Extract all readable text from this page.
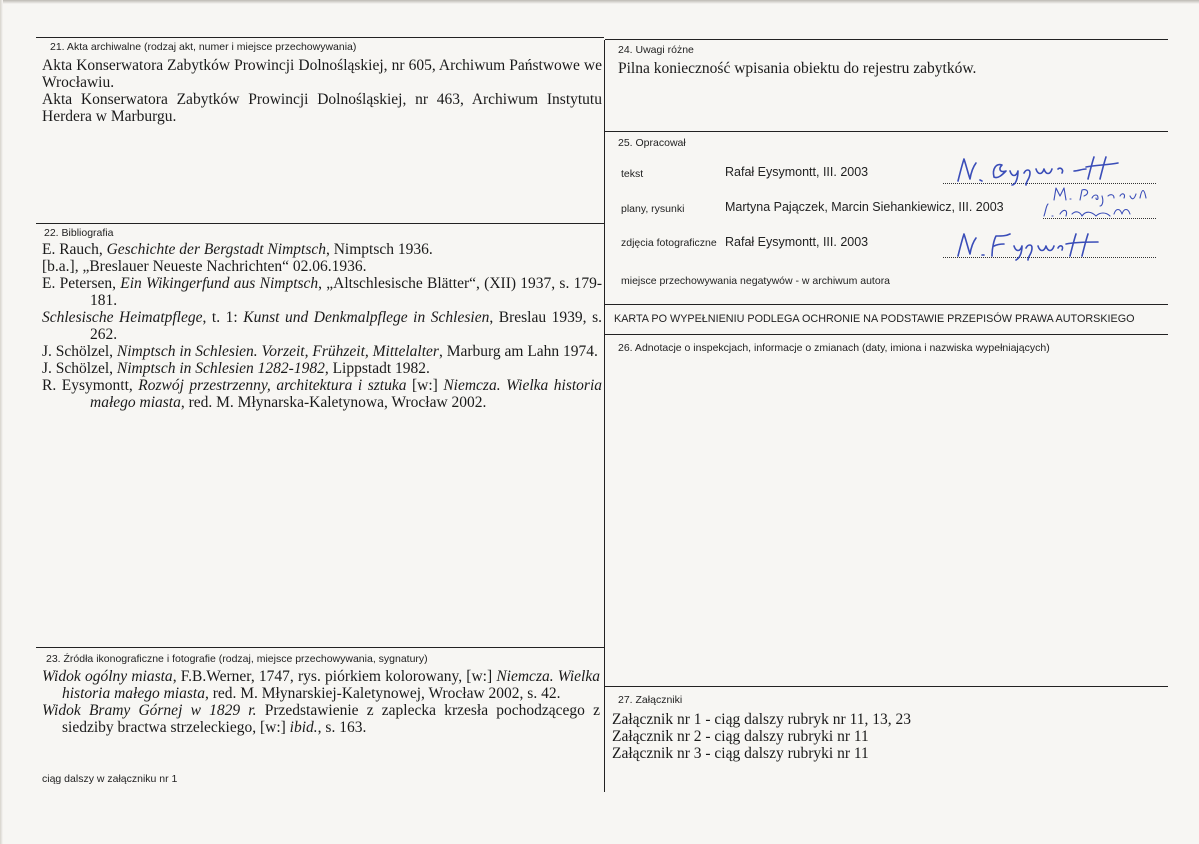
21. Akta archiwalne (rodzaj akt, numer i miejsce przechowywania)

Akta Konserwatora Zabytków Prowincji Dolnośląskiej, nr 605, Archiwum Państwowe we Wrocławiu.

Akta Konserwatora Zabytków Prowincji Dolnośląskiej, nr 463, Archiwum Instytutu Herdera w Marburgu.

22. Bibliografia

E. Rauch, Geschichte der Bergstadt Nimptsch, Nimptsch 1936.

[b.a.], „Breslauer Neueste Nachrichten“ 02.06.1936.

E. Petersen, Ein Wikingerfund aus Nimptsch, „Altschlesische Blätter“, (XII) 1937, s. 179-181.

Schlesische Heimatpflege, t. 1: Kunst und Denkmalpflege in Schlesien, Breslau 1939, s. 262.

J. Schölzel, Nimptsch in Schlesien. Vorzeit, Frühzeit, Mittelalter, Marburg am Lahn 1974.

J. Schölzel, Nimptsch in Schlesien 1282-1982, Lippstadt 1982.

R. Eysymontt, Rozwój przestrzenny, architektura i sztuka [w:] Niemcza. Wielka historia małego miasta, red. M. Młynarska-Kaletynowa, Wrocław 2002.

23. Źródła ikonograficzne i fotografie (rodzaj, miejsce przechowywania, sygnatury)

Widok ogólny miasta, F.B.Werner, 1747, rys. piórkiem kolorowany, [w:] Niemcza. Wielka historia małego miasta, red. M. Młynarskiej-Kaletynowej, Wrocław 2002, s. 42.

Widok Bramy Górnej w 1829 r. Przedstawienie z zaplecka krzesła pochodzącego z siedziby bractwa strzeleckiego, [w:] ibid., s. 163.

ciąg dalszy w załączniku nr 1
24. Uwagi różne
Pilna konieczność wpisania obiektu do rejestru zabytków.
25. Opracował
tekst	Rafał Eysymontt, III. 2003
plany, rysunki	Martyna Pajączek, Marcin Siehankiewicz, III. 2003
zdjęcia fotograficzne Rafał Eysymontt, III. 2003
miejsce przechowywania negatywów - w archiwum autora
KARTA PO WYPEŁNIENIU PODLEGA OCHRONIE NA PODSTAWIE PRZEPISÓW PRAWA AUTORSKIEGO
26. Adnotacje o inspekcjach, informacje o zmianach (daty, imiona i nazwiska wypełniających)
27. Załączniki
Załącznik nr 1 - ciąg dalszy rubryk nr 11, 13, 23
Załącznik nr 2 - ciąg dalszy rubryki nr 11
Załącznik nr 3 - ciąg dalszy rubryki nr 11
